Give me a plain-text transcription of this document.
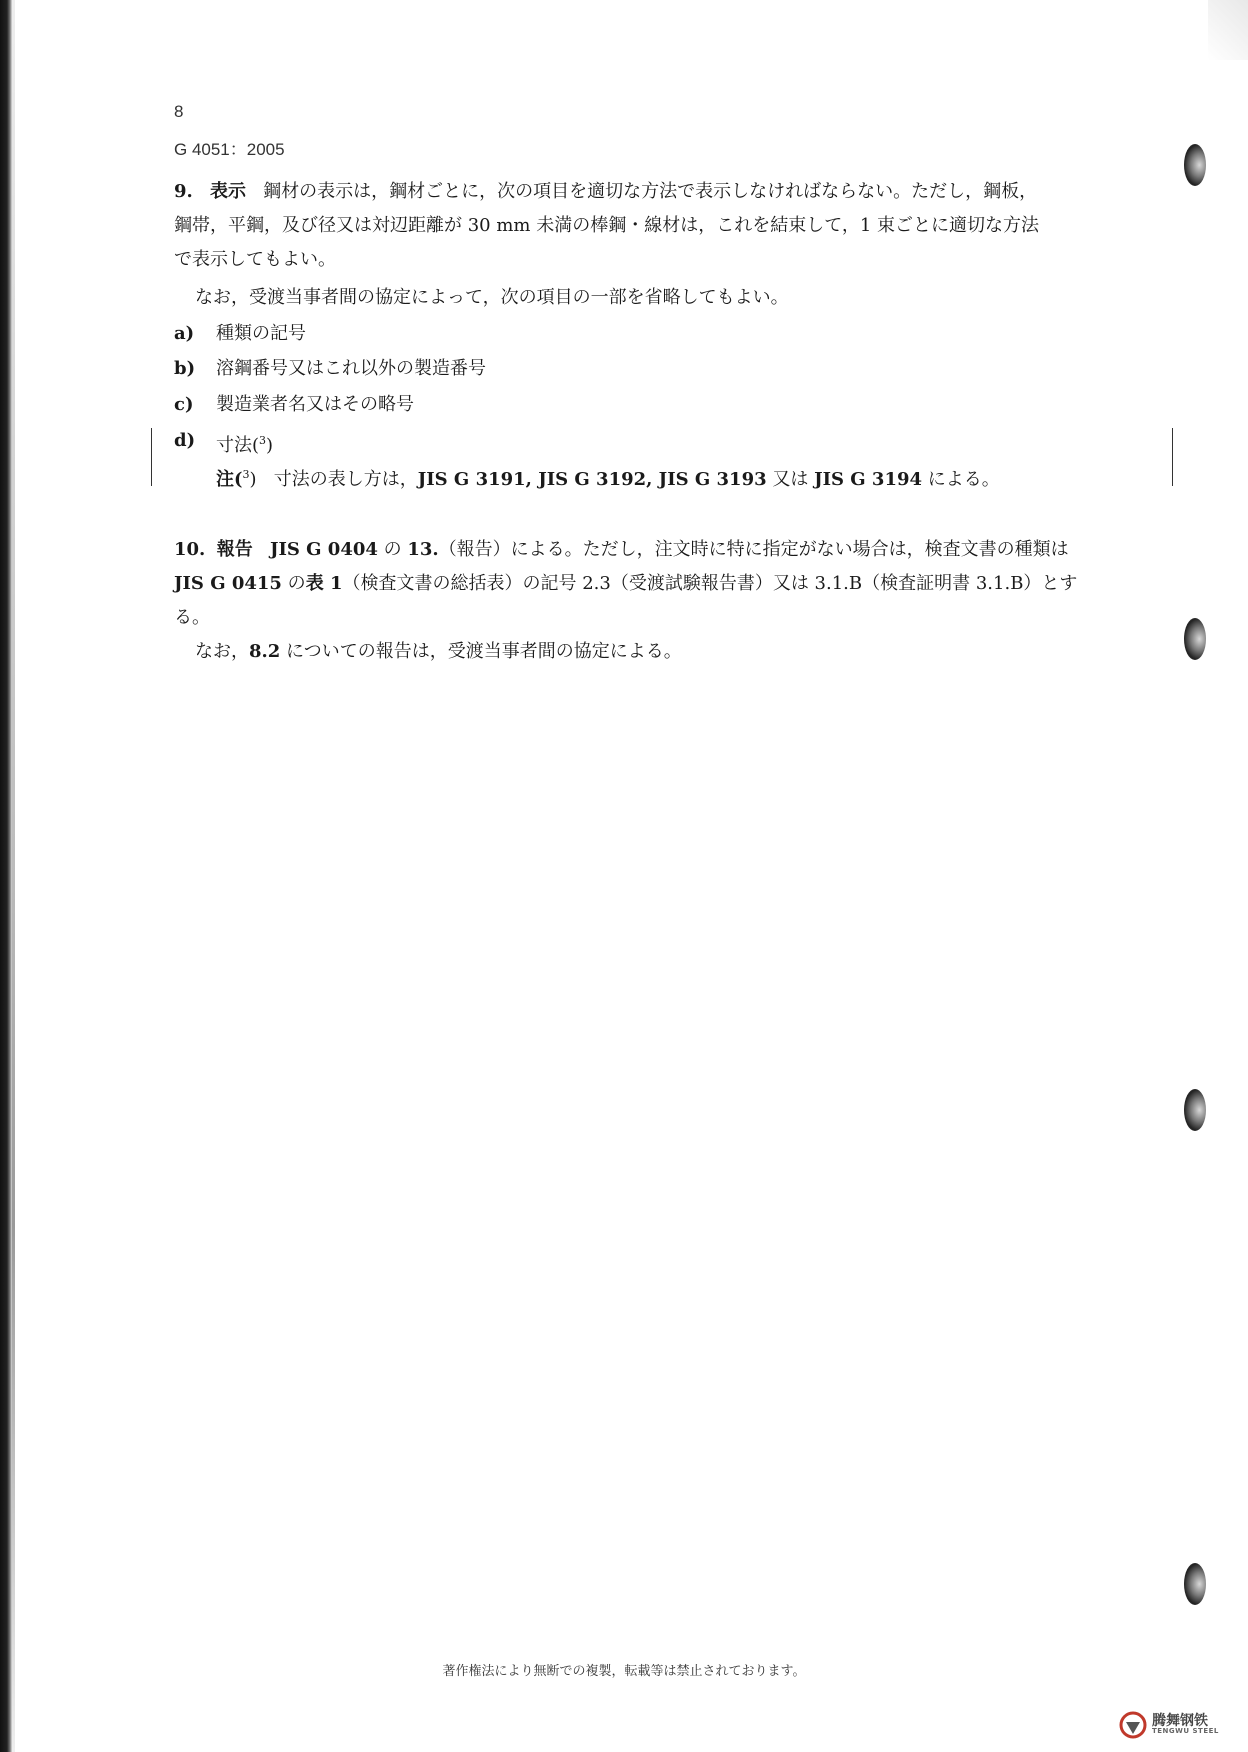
8
G 4051：2005
9. 表示 鋼材の表示は，鋼材ごとに，次の項目を適切な方法で表示しなければならない。ただし，鋼板，
鋼帯，平鋼，及び径又は対辺距離が 30 mm 未満の棒鋼・線材は，これを結束して，1 束ごとに適切な方法
で表示してもよい。
なお，受渡当事者間の協定によって，次の項目の一部を省略してもよい。
a)	種類の記号
b)	溶鋼番号又はこれ以外の製造番号
c)	製造業者名又はその略号
d)	寸法($^3$)
注($^3$) 寸法の表し方は，JIS G 3191, JIS G 3192, JIS G 3193 又は JIS G 3194 による。
10. 報告 JIS G 0404 の 13.（報告）による。ただし，注文時に特に指定がない場合は，検査文書の種類は
JIS G 0415 の表 1（検査文書の総括表）の記号 2.3（受渡試験報告書）又は 3.1.B（検査証明書 3.1.B）とす
る。
なお，8.2 についての報告は，受渡当事者間の協定による。
著作権法により無断での複製，転載等は禁止されております。
腾舞钢铁
TENGWU STEEL
